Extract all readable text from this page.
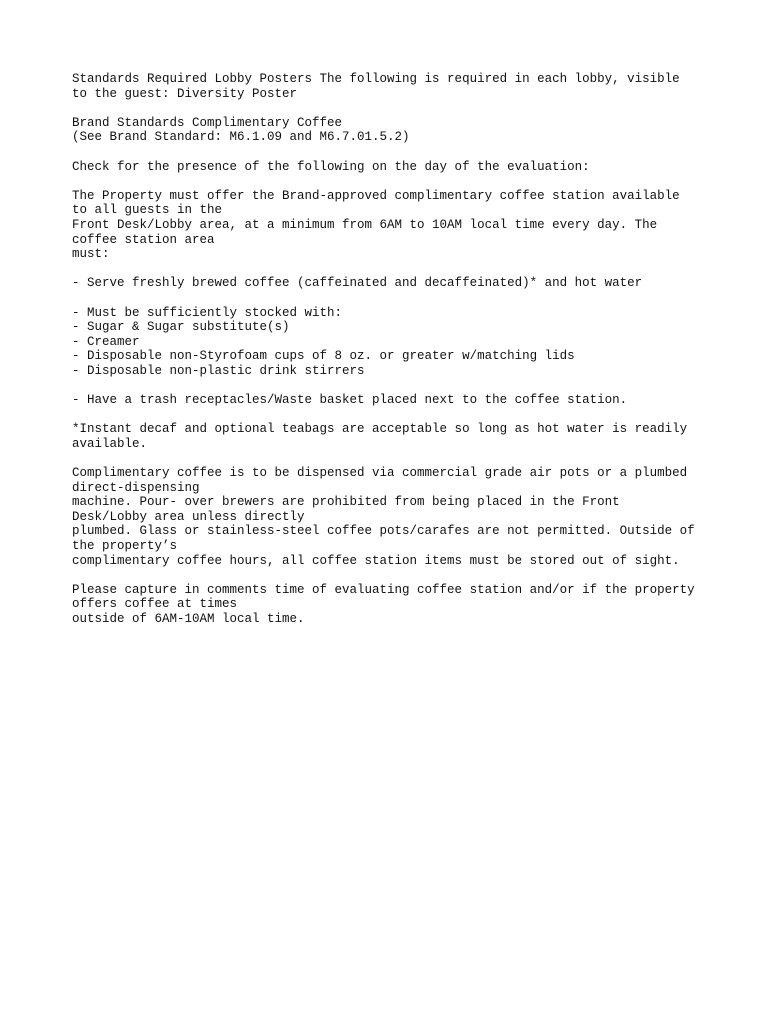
Standards Required Lobby Posters The following is required in each lobby, visible
to the guest: Diversity Poster
Brand Standards Complimentary Coffee
(See Brand Standard: M6.1.09 and M6.7.01.5.2)
Check for the presence of the following on the day of the evaluation:
The Property must offer the Brand-approved complimentary coffee station available
to all guests in the
Front Desk/Lobby area, at a minimum from 6AM to 10AM local time every day. The
coffee station area
must:
- Serve freshly brewed coffee (caffeinated and decaffeinated)* and hot water
- Must be sufficiently stocked with:
- Sugar & Sugar substitute(s)
- Creamer
- Disposable non-Styrofoam cups of 8 oz. or greater w/matching lids
- Disposable non-plastic drink stirrers
- Have a trash receptacles/Waste basket placed next to the coffee station.
*Instant decaf and optional teabags are acceptable so long as hot water is readily
available.
Complimentary coffee is to be dispensed via commercial grade air pots or a plumbed
direct-dispensing
machine. Pour- over brewers are prohibited from being placed in the Front
Desk/Lobby area unless directly
plumbed. Glass or stainless-steel coffee pots/carafes are not permitted. Outside of
the property’s
complimentary coffee hours, all coffee station items must be stored out of sight.
Please capture in comments time of evaluating coffee station and/or if the property
offers coffee at times
outside of 6AM-10AM local time.
